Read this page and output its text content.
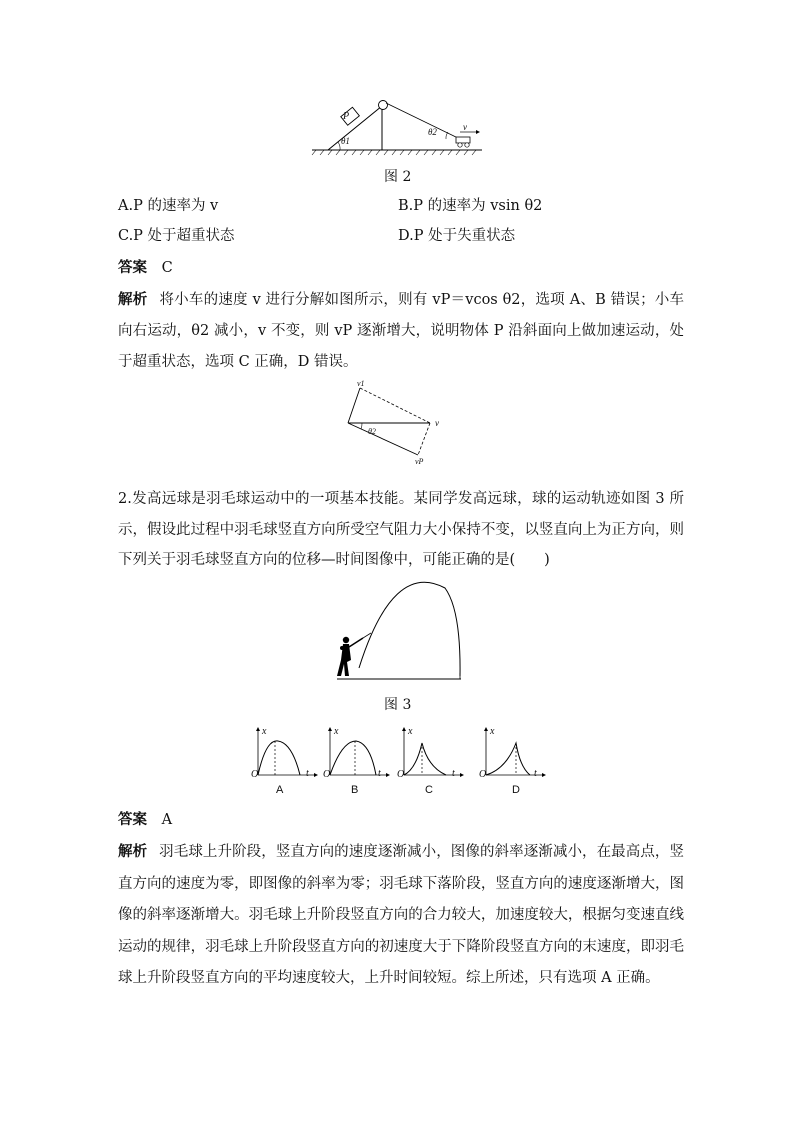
P
θ1
θ2	v
图 2
A.P 的速率为 v	B.P 的速率为 vsin θ2
C.P 处于超重状态	D.P 处于失重状态
答案 C
解析 将小车的速度 v 进行分解如图所示，则有 vP＝vcos θ2，选项 A、B 错误；小车向右运动，θ2 减小，v 不变，则 vP 逐渐增大，说明物体 P 沿斜面向上做加速运动，处于超重状态，选项 C 正确，D 错误。
v1
v
vP
θ2
2.发高远球是羽毛球运动中的一项基本技能。某同学发高远球，球的运动轨迹如图 3 所示，假设此过程中羽毛球竖直方向所受空气阻力大小保持不变，以竖直向上为正方向，则下列关于羽毛球竖直方向的位移—时间图像中，可能正确的是(　　)
图 3
x
O	t
A
x
O	t
B
x
O	t
C
x
O	t
D
答案 A
解析 羽毛球上升阶段，竖直方向的速度逐渐减小，图像的斜率逐渐减小，在最高点，竖直方向的速度为零，即图像的斜率为零；羽毛球下落阶段，竖直方向的速度逐渐增大，图像的斜率逐渐增大。羽毛球上升阶段竖直方向的合力较大，加速度较大，根据匀变速直线运动的规律，羽毛球上升阶段竖直方向的初速度大于下降阶段竖直方向的末速度，即羽毛球上升阶段竖直方向的平均速度较大，上升时间较短。综上所述，只有选项 A 正确。
